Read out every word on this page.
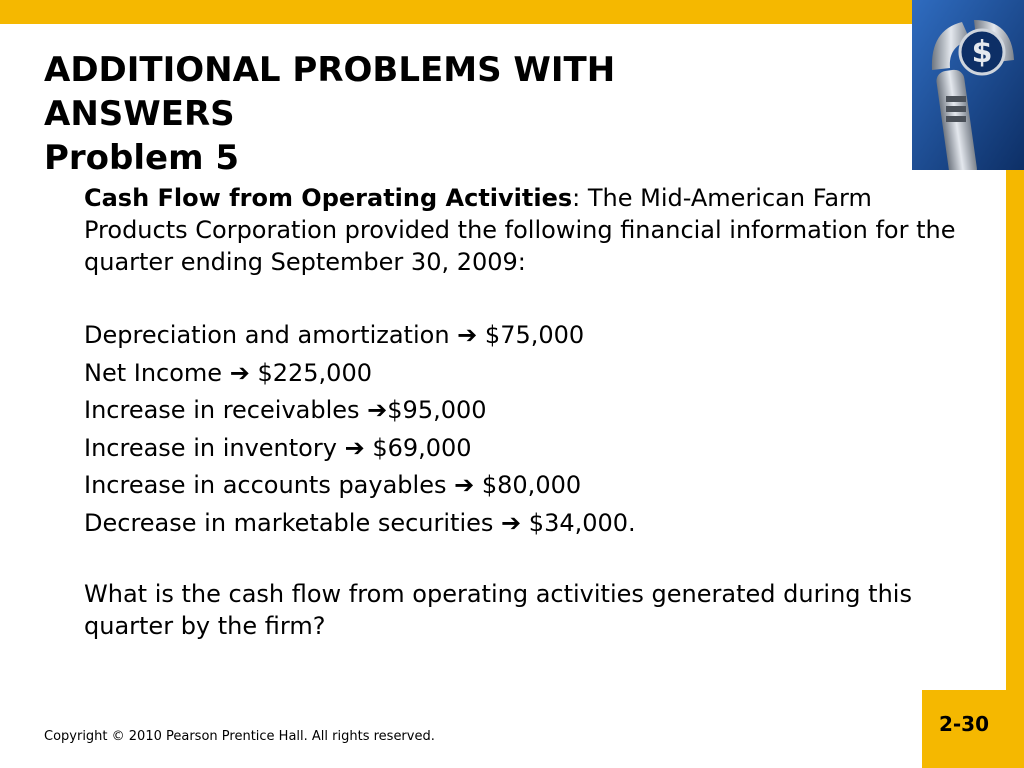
$
ADDITIONAL PROBLEMS WITH
ANSWERS
Problem 5

Cash Flow from Operating Activities: The Mid-American Farm Products Corporation provided the following financial information for the quarter ending September 30, 2009:

Depreciation and amortization ➔ $75,000
Net Income ➔ $225,000
Increase in receivables ➔$95,000
Increase in inventory ➔ $69,000
Increase in accounts payables ➔ $80,000
Decrease in marketable securities ➔ $34,000.

What is the cash flow from operating activities generated during this quarter by the firm?

2-30
Copyright © 2010 Pearson Prentice Hall. All rights reserved.
